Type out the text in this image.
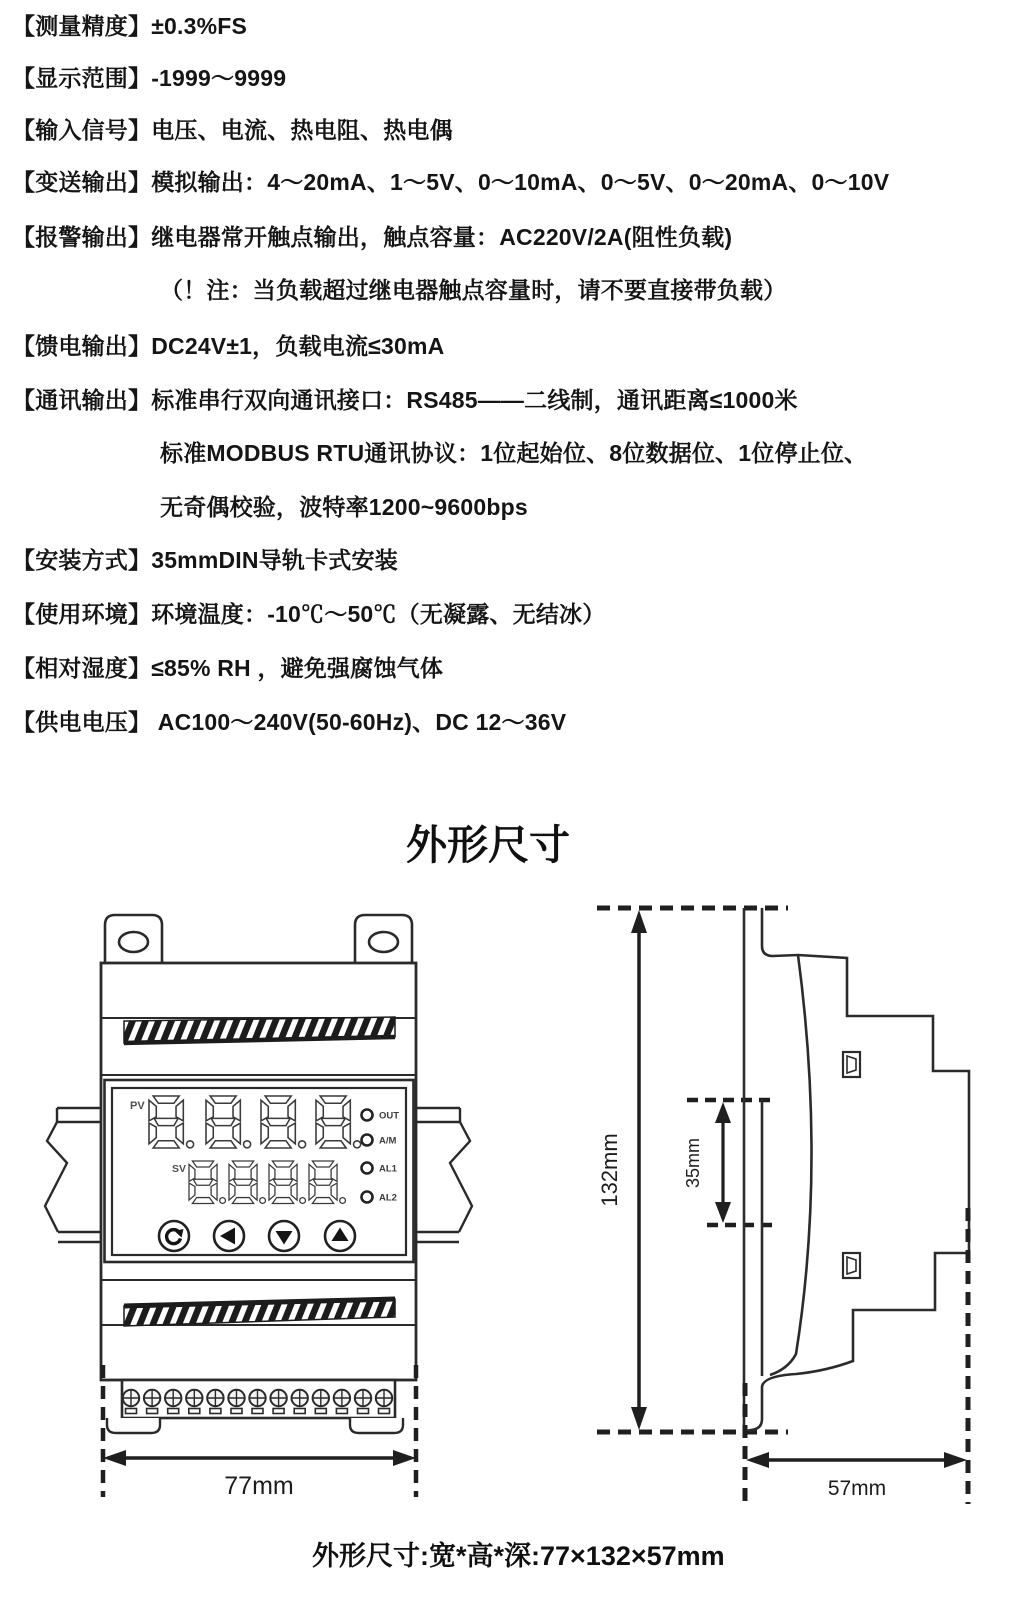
【测量精度】±0.3%FS
【显示范围】-1999～9999
【输入信号】电压、电流、热电阻、热电偶
【变送输出】模拟输出：4～20mA、1～5V、0～10mA、0～5V、0～20mA、0～10V
【报警输出】继电器常开触点输出，触点容量：AC220V/2A(阻性负载)
（！注：当负载超过继电器触点容量时，请不要直接带负载）
【馈电输出】DC24V±1，负载电流≤30mA
【通讯输出】标准串行双向通讯接口：RS485——二线制，通讯距离≤1000米
标准MODBUS RTU通讯协议：1位起始位、8位数据位、1位停止位、
无奇偶校验，波特率1200~9600bps
【安装方式】35mmDIN导轨卡式安装
【使用环境】环境温度：-10℃～50℃（无凝露、无结冰）
【相对湿度】≤85% RH ，避免强腐蚀气体
【供电电压】 AC100～240V(50-60Hz)、DC 12～36V
外形尺寸
PV
SV
OUT
A/M
AL1
AL2
77mm
132mm	35mm
57mm
外形尺寸:宽*高*深:77×132×57mm
